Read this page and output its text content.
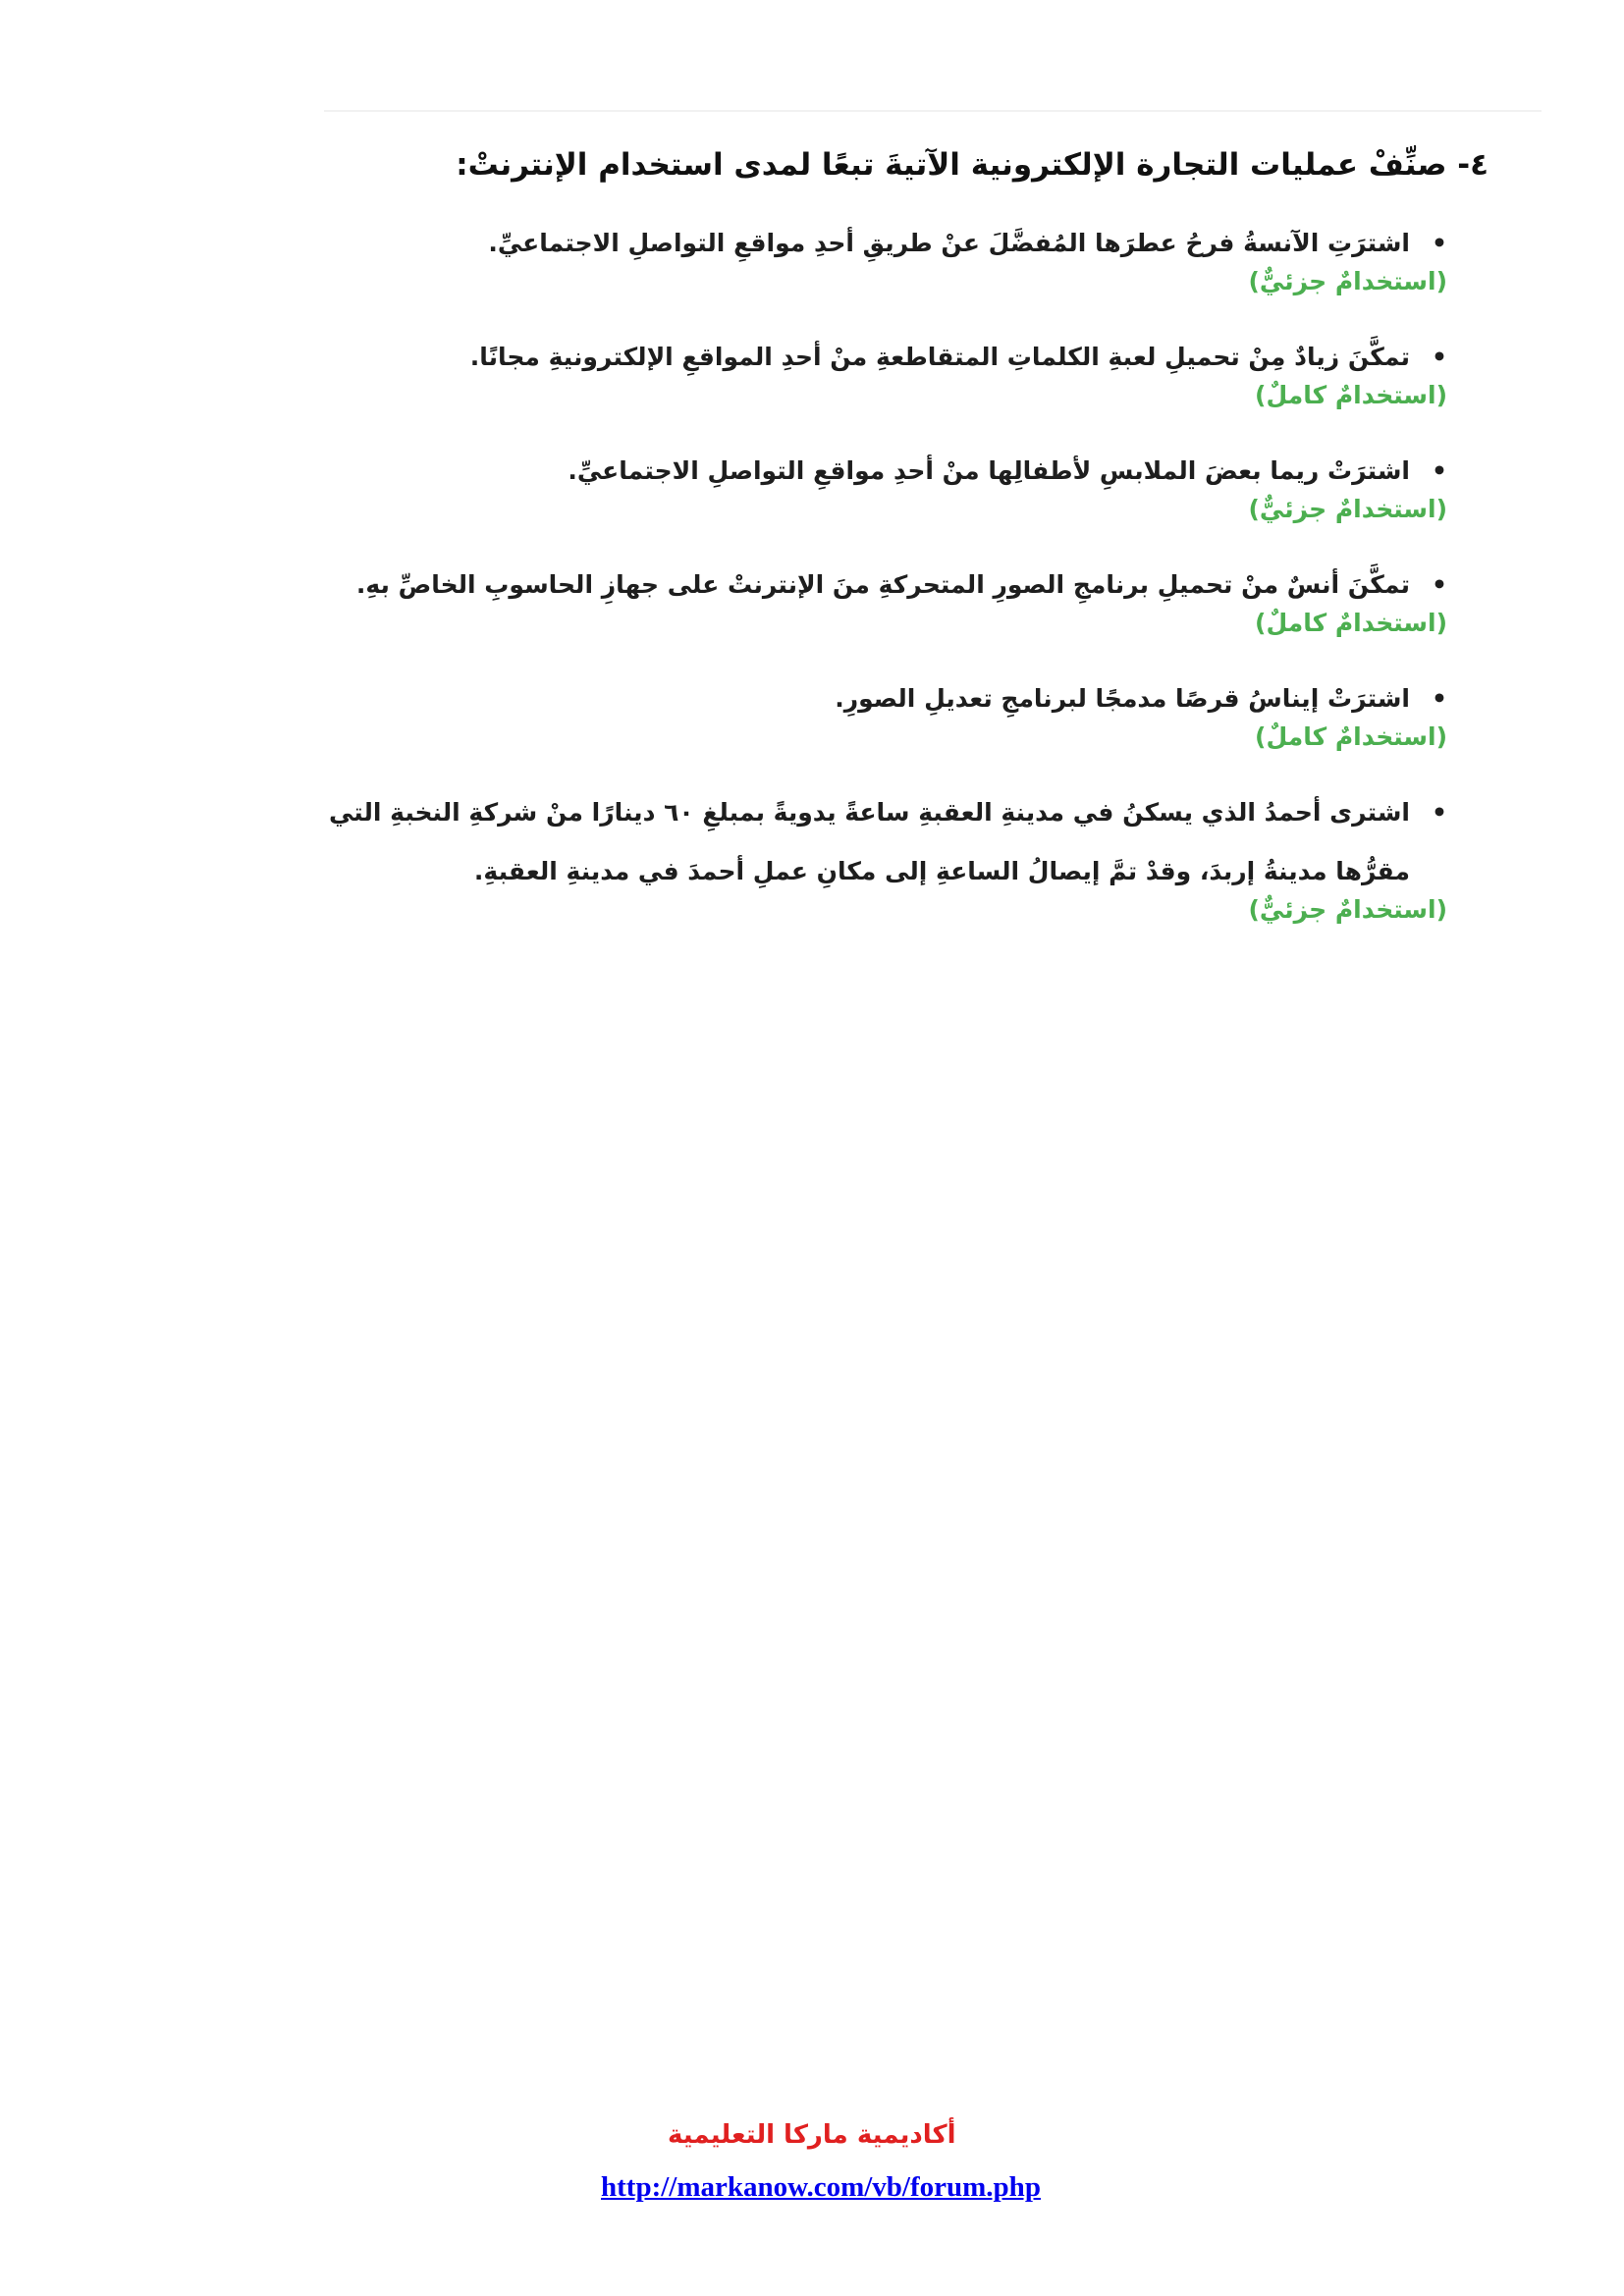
٤- صنِّفْ عمليات التجارة الإلكترونية الآتيةَ تبعًا لمدى استخدام الإنترنتْ:
•
اشترَتِ الآنسةُ فرحُ عطرَها المُفضَّلَ عنْ طريقِ أحدِ مواقعِ التواصلِ الاجتماعيِّ.
(استخدامٌ جزئيٌّ)
•
تمكَّنَ زيادٌ مِنْ تحميلِ لعبةِ الكلماتِ المتقاطعةِ منْ أحدِ المواقعِ الإلكترونيةِ مجانًا.
(استخدامٌ كاملٌ)
•
اشترَتْ ريما بعضَ الملابسِ لأطفالِها منْ أحدِ مواقعِ التواصلِ الاجتماعيِّ.
(استخدامٌ جزئيٌّ)
•
تمكَّنَ أنسٌ منْ تحميلِ برنامجِ الصورِ المتحركةِ منَ الإنترنتْ على جهازِ الحاسوبِ الخاصِّ بهِ.
(استخدامٌ كاملٌ)
•
اشترَتْ إيناسُ قرصًا مدمجًا لبرنامجِ تعديلِ الصورِ.
(استخدامٌ كاملٌ)
•
اشترى أحمدُ الذي يسكنُ في مدينةِ العقبةِ ساعةً يدويةً بمبلغِ ٦٠ دينارًا منْ شركةِ النخبةِ التي مقرُّها مدينةُ إربدَ، وقدْ تمَّ إيصالُ الساعةِ إلى مكانِ عملِ أحمدَ في مدينةِ العقبةِ.
(استخدامٌ جزئيٌّ)
أكاديمية ماركا التعليمية
http://markanow.com/vb/forum.php
